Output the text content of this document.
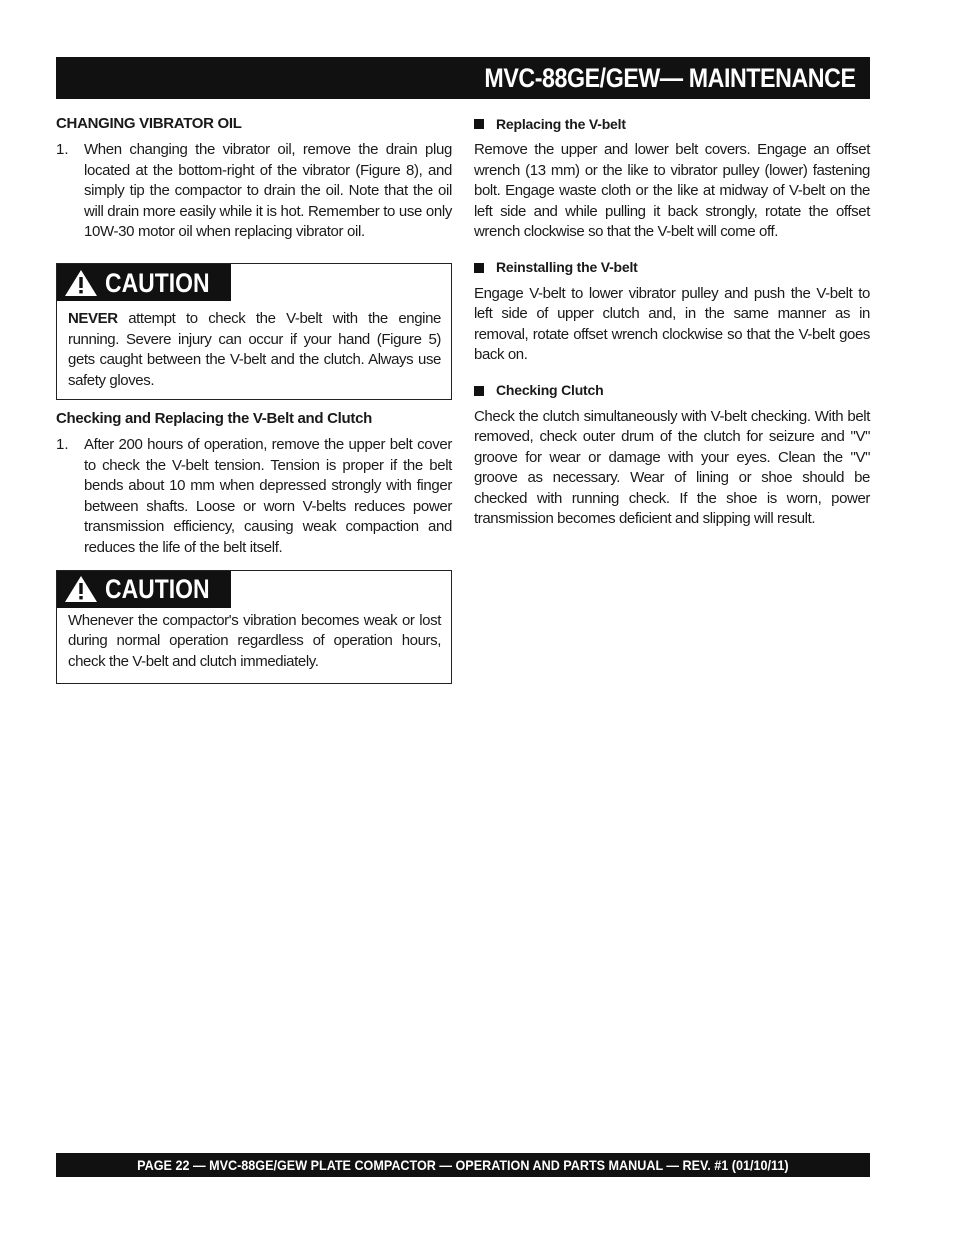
MVC-88GE/GEW— MAINTENANCE

CHANGING VIBRATOR OIL

1.	When changing the vibrator oil, remove the drain plug located at the bottom-right of the vibrator (Figure 8), and simply tip the compactor to drain the oil. Note that the oil will drain more easily while it is hot. Remember to use only 10W-30 motor oil when replacing vibrator oil.
CAUTION

NEVER attempt to check the V-belt with the engine running. Severe injury can occur if your hand (Figure 5) gets caught between the V-belt and the clutch. Always use safety gloves.

Checking and Replacing the V-Belt and Clutch

1.	After 200 hours of operation, remove the upper belt cover to check the V-belt tension. Tension is proper if the belt bends about 10 mm when depressed strongly with finger between shafts. Loose or worn V-belts reduces power transmission efficiency, causing weak compaction and reduces the life of the belt itself.
CAUTION

Whenever the compactor's vibration becomes weak or lost during normal operation regardless of operation hours, check the V-belt and clutch immediately.

Replacing the V-belt

Remove the upper and lower belt covers. Engage an offset wrench (13 mm) or the like to vibrator pulley (lower) fastening bolt. Engage waste cloth or the like at midway of V-belt on the left side and while pulling it back strongly, rotate the offset wrench clockwise so that the V-belt will come off.

Reinstalling the V-belt

Engage V-belt to lower vibrator pulley and push the V-belt to left side of upper clutch and, in the same manner as in removal, rotate offset wrench clockwise so that the V-belt goes back on.

Checking Clutch

Check the clutch simultaneously with V-belt checking. With belt removed, check outer drum of the clutch for seizure and "V" groove for wear or damage with your eyes. Clean the "V" groove as necessary. Wear of lining or shoe should be checked with running check. If the shoe is worn, power transmission becomes deficient and slipping will result.

PAGE 22 — MVC-88GE/GEW PLATE COMPACTOR — OPERATION AND PARTS MANUAL — REV. #1 (01/10/11)
